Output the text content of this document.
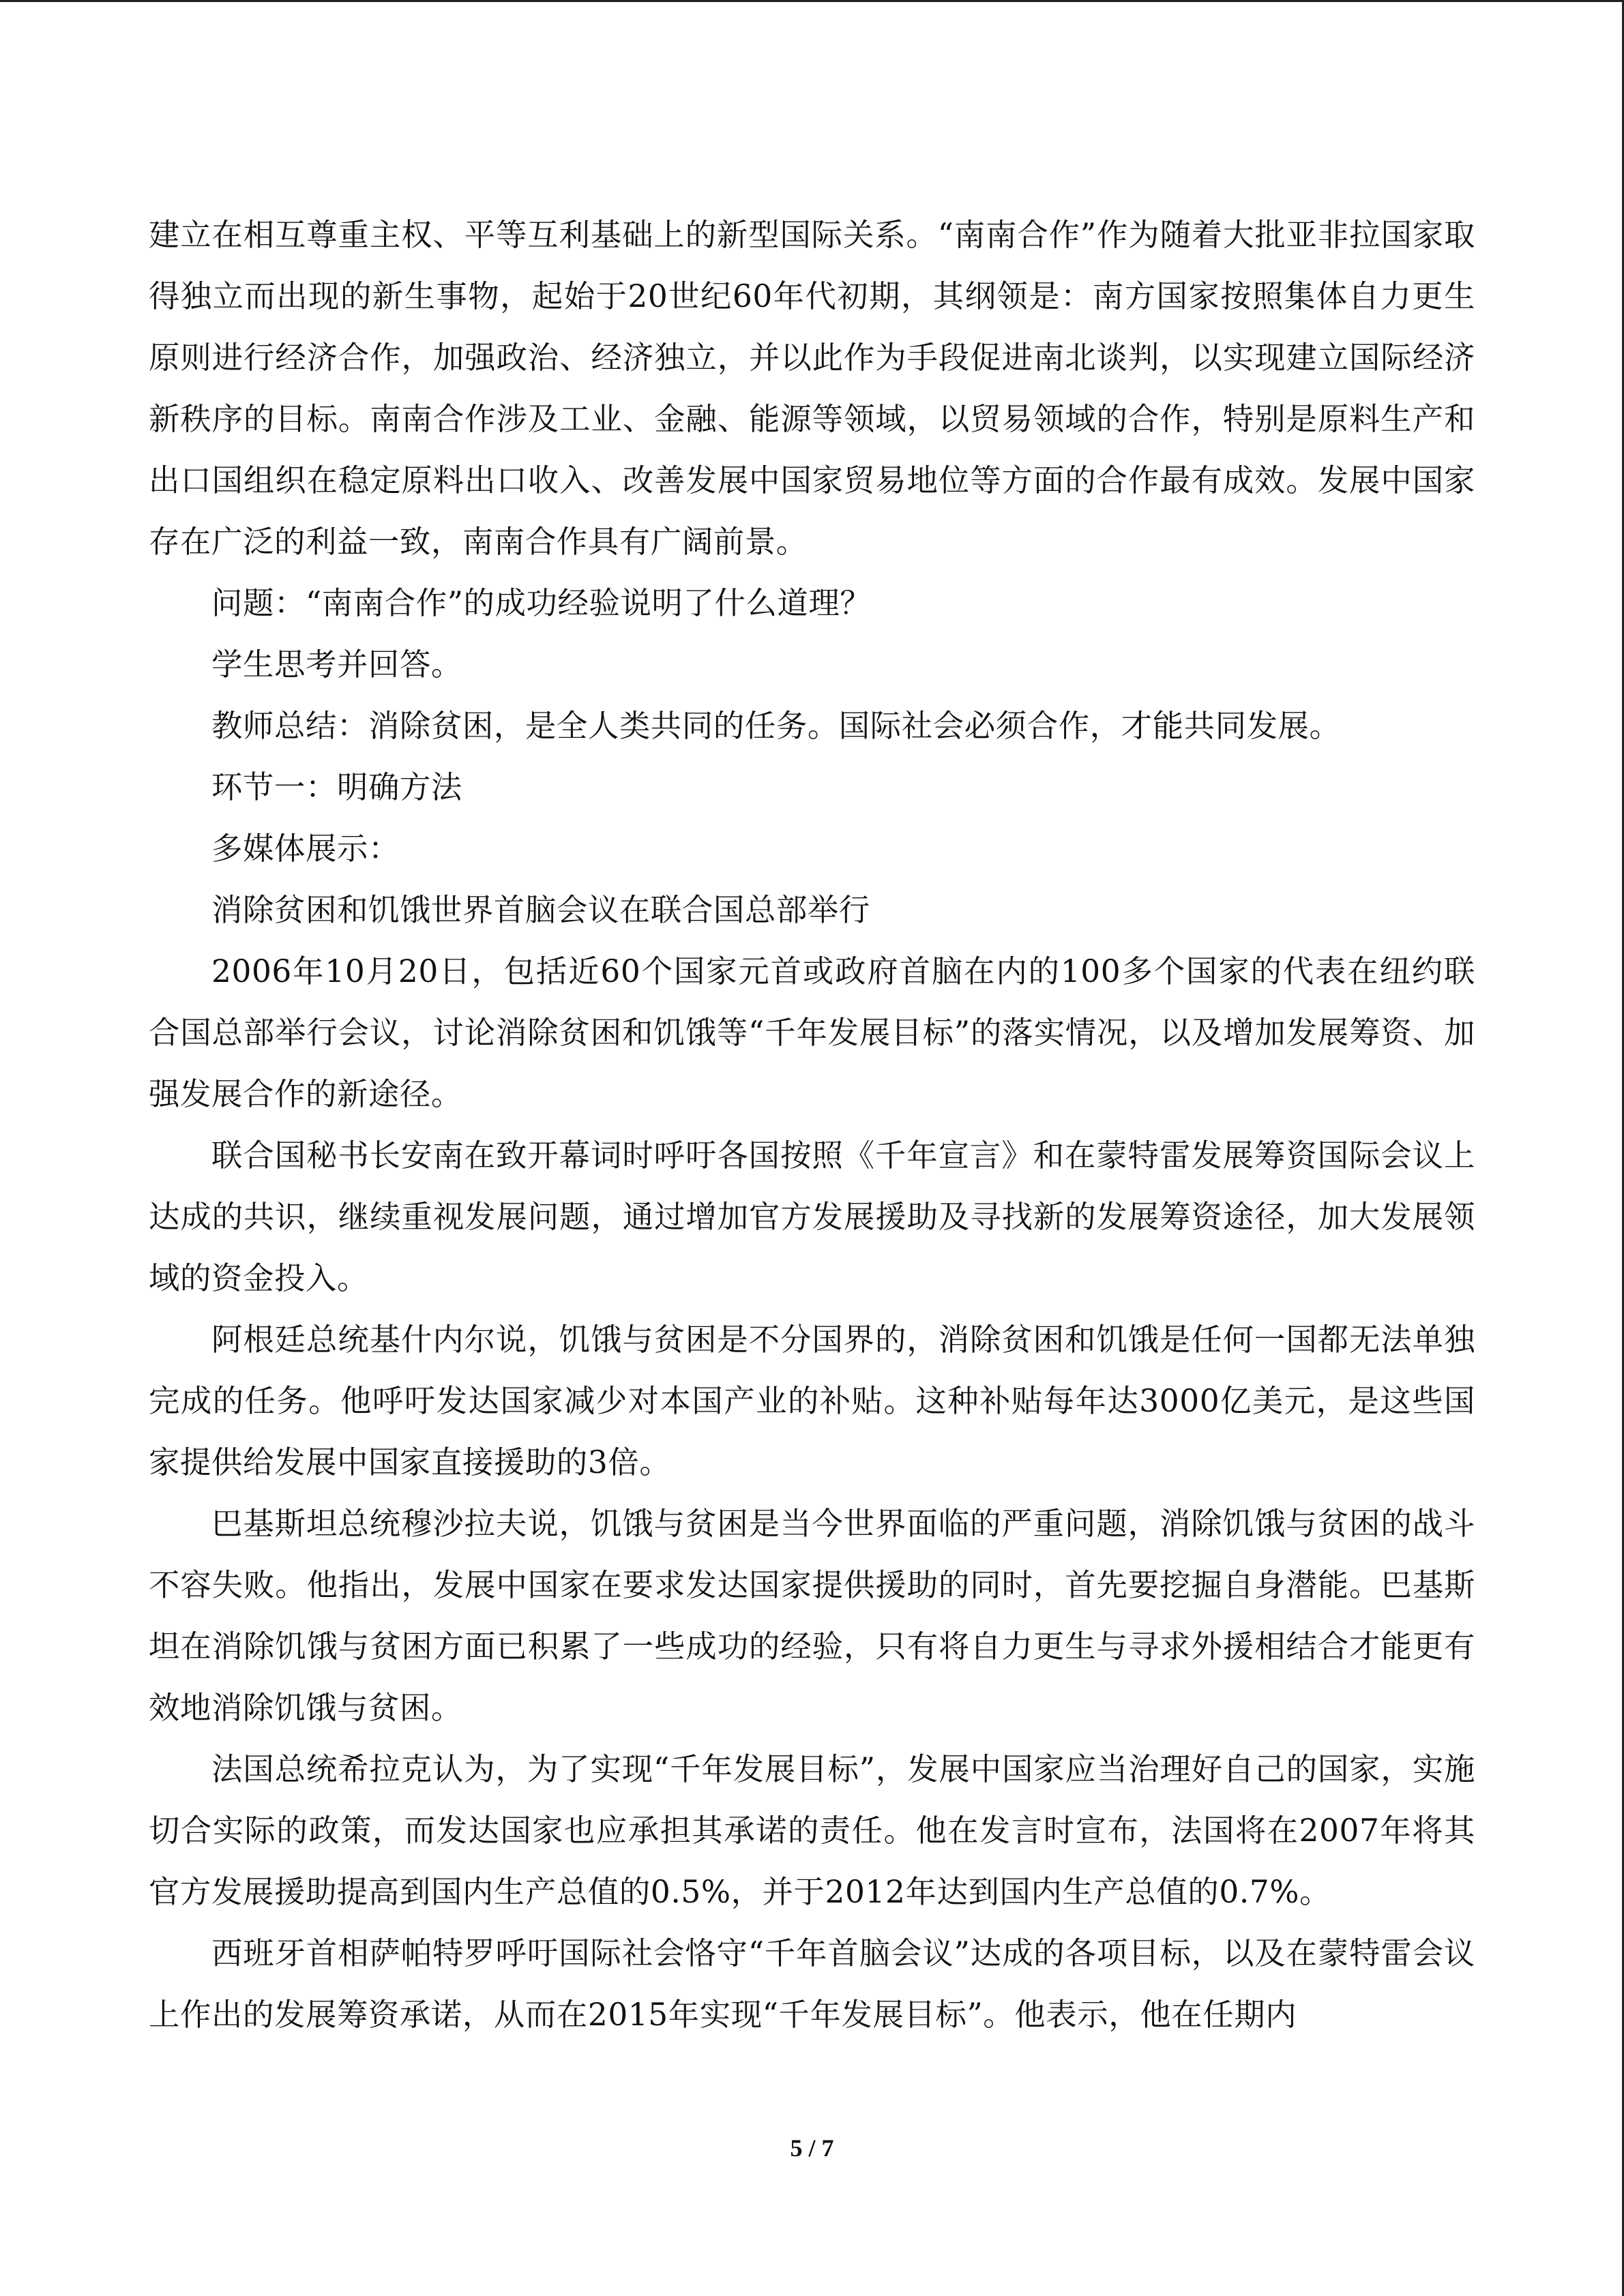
建立在相互尊重主权、平等互利基础上的新型国际关系。“南南合作”作为随着大批亚非拉国家取得独立而出现的新生事物，起始于20世纪60年代初期，其纲领是：南方国家按照集体自力更生原则进行经济合作，加强政治、经济独立，并以此作为手段促进南北谈判，以实现建立国际经济新秩序的目标。南南合作涉及工业、金融、能源等领域，以贸易领域的合作，特别是原料生产和出口国组织在稳定原料出口收入、改善发展中国家贸易地位等方面的合作最有成效。发展中国家存在广泛的利益一致，南南合作具有广阔前景。

问题：“南南合作”的成功经验说明了什么道理？

学生思考并回答。

教师总结：消除贫困，是全人类共同的任务。国际社会必须合作，才能共同发展。

环节一：明确方法

多媒体展示：

消除贫困和饥饿世界首脑会议在联合国总部举行

2006年10月20日，包括近60个国家元首或政府首脑在内的100多个国家的代表在纽约联合国总部举行会议，讨论消除贫困和饥饿等“千年发展目标”的落实情况，以及增加发展筹资、加强发展合作的新途径。

联合国秘书长安南在致开幕词时呼吁各国按照《千年宣言》和在蒙特雷发展筹资国际会议上达成的共识，继续重视发展问题，通过增加官方发展援助及寻找新的发展筹资途径，加大发展领域的资金投入。

阿根廷总统基什内尔说，饥饿与贫困是不分国界的，消除贫困和饥饿是任何一国都无法单独完成的任务。他呼吁发达国家减少对本国产业的补贴。这种补贴每年达3000亿美元，是这些国家提供给发展中国家直接援助的3倍。

巴基斯坦总统穆沙拉夫说，饥饿与贫困是当今世界面临的严重问题，消除饥饿与贫困的战斗不容失败。他指出，发展中国家在要求发达国家提供援助的同时，首先要挖掘自身潜能。巴基斯坦在消除饥饿与贫困方面已积累了一些成功的经验，只有将自力更生与寻求外援相结合才能更有效地消除饥饿与贫困。

法国总统希拉克认为，为了实现“千年发展目标”，发展中国家应当治理好自己的国家，实施切合实际的政策，而发达国家也应承担其承诺的责任。他在发言时宣布，法国将在2007年将其官方发展援助提高到国内生产总值的0.5%，并于2012年达到国内生产总值的0.7%。

西班牙首相萨帕特罗呼吁国际社会恪守“千年首脑会议”达成的各项目标，以及在蒙特雷会议上作出的发展筹资承诺，从而在2015年实现“千年发展目标”。他表示，他在任期内

5 / 7
